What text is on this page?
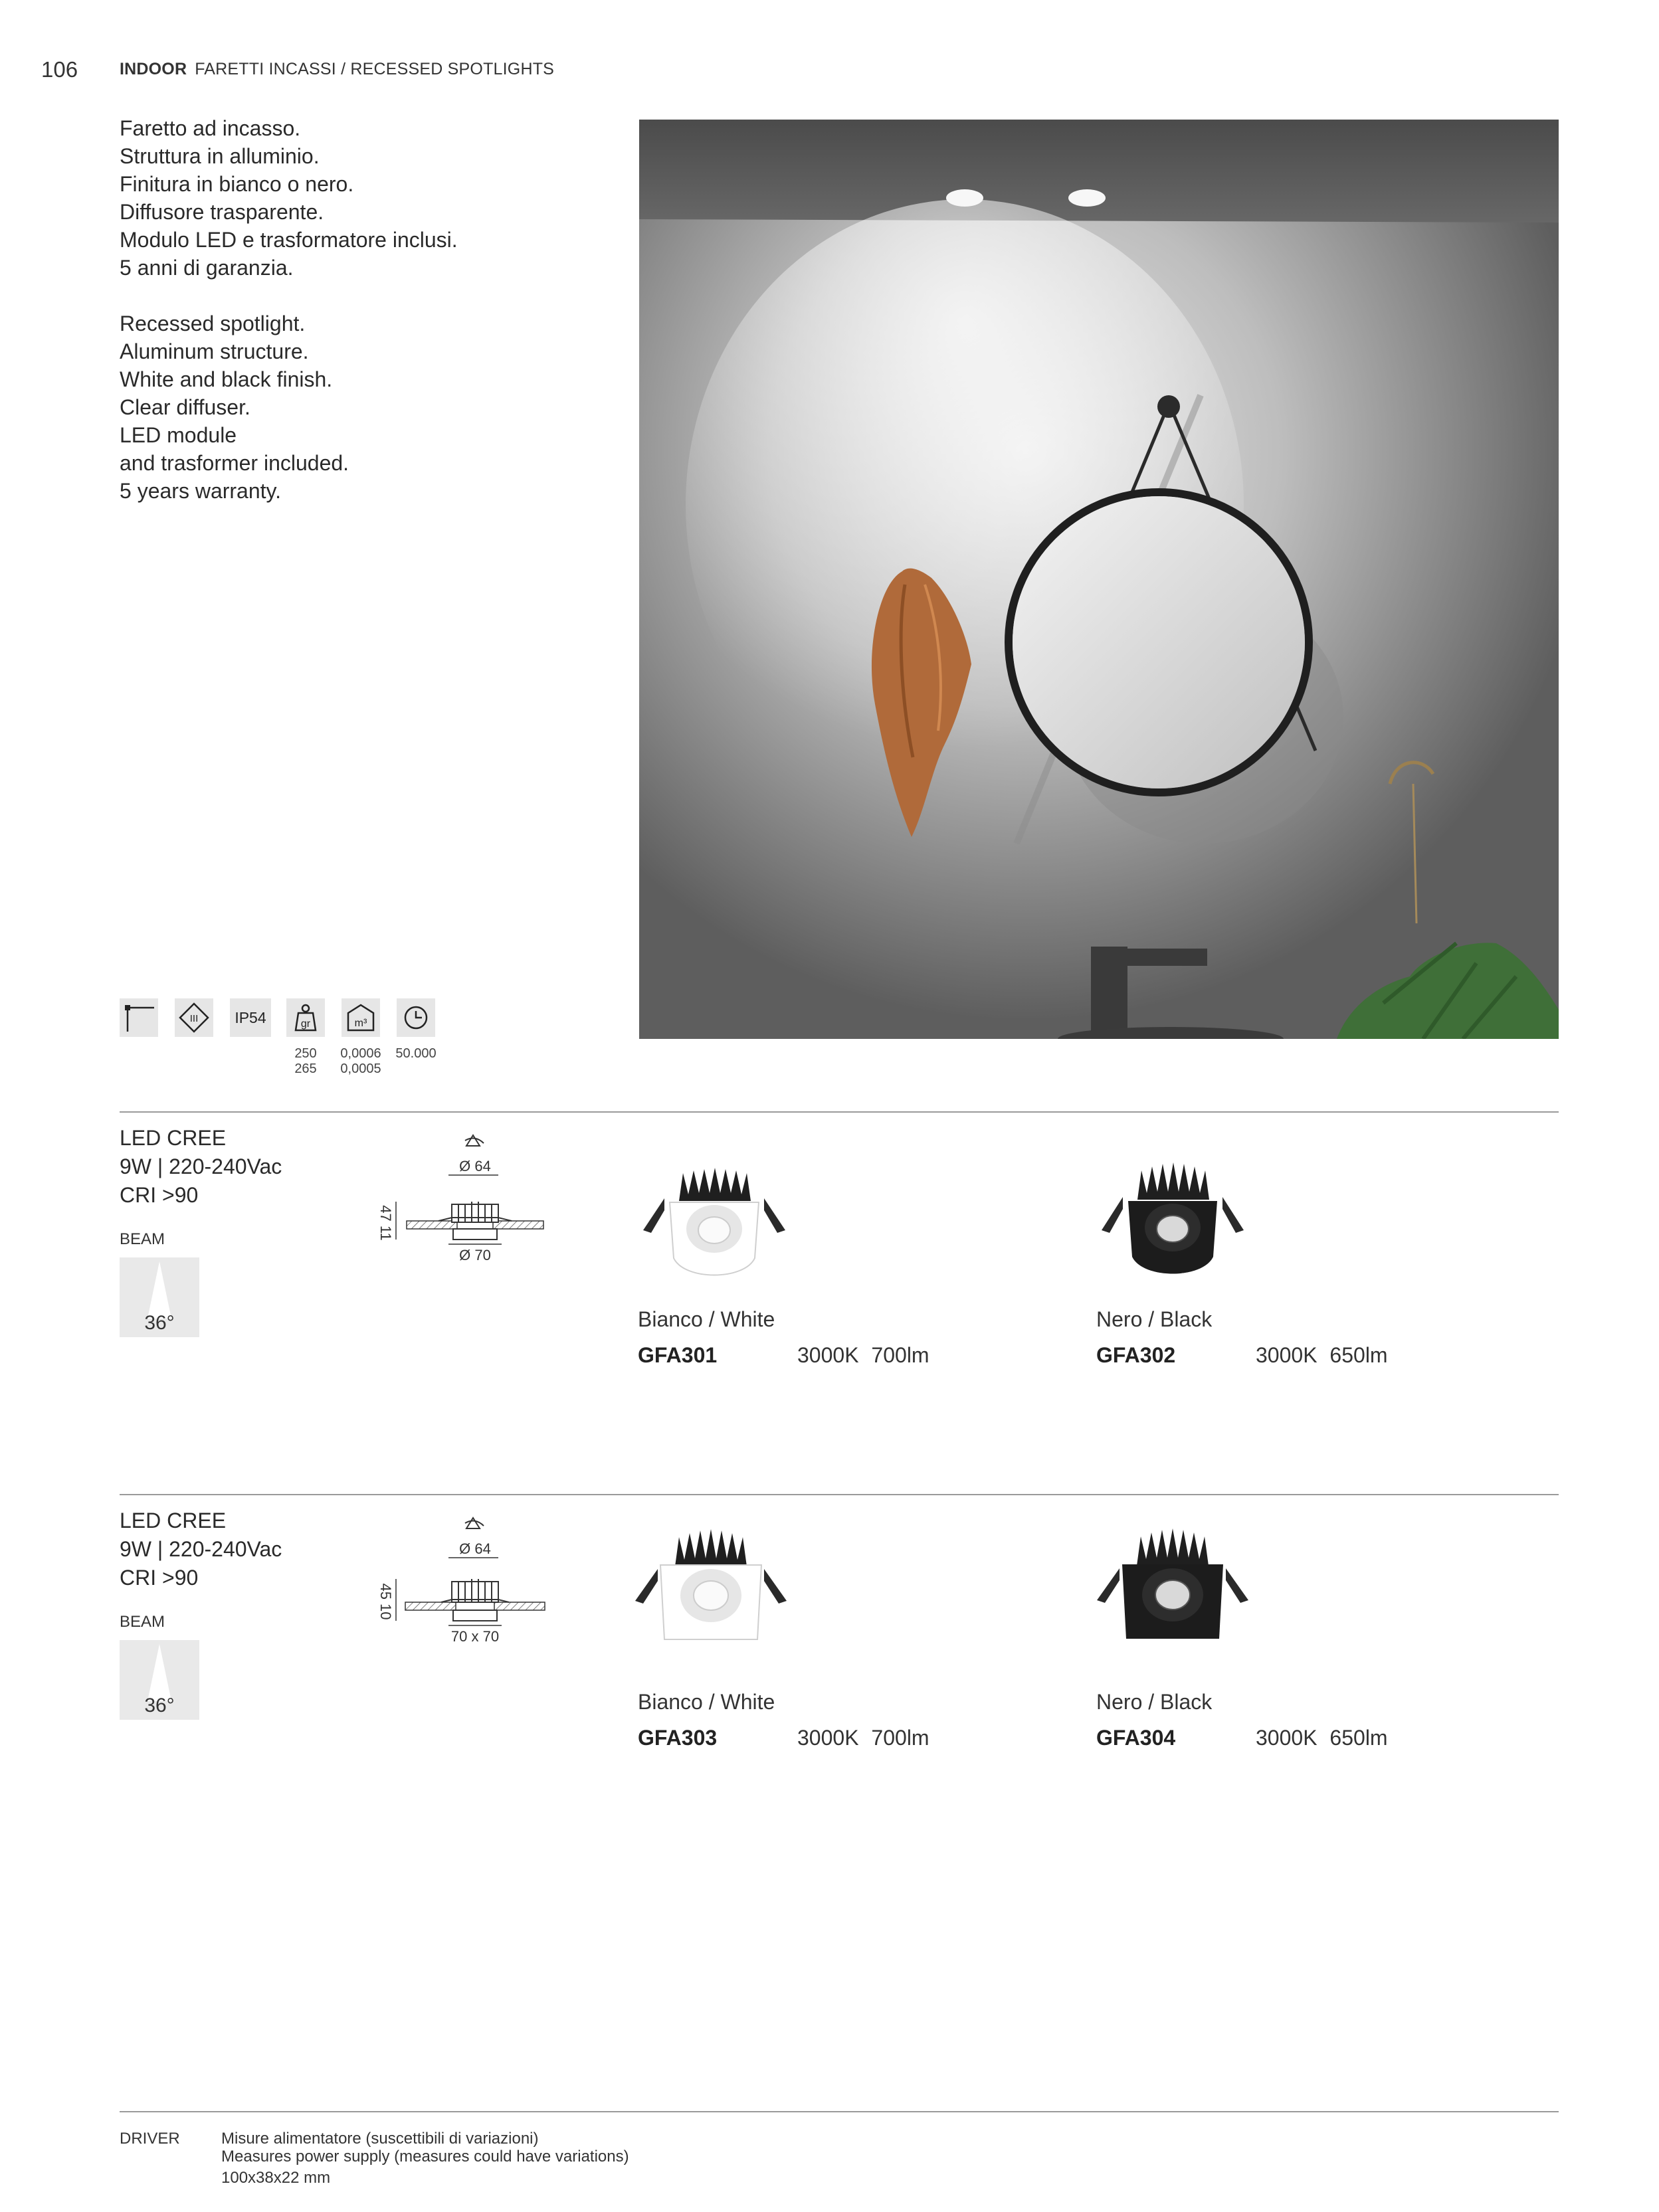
106	INDOOR FARETTI INCASSI / RECESSED SPOTLIGHTS
Faretto ad incasso.
Struttura in alluminio.
Finitura in bianco o nero.
Diffusore trasparente.
Modulo LED e trasformatore inclusi.
5 anni di garanzia.
Recessed spotlight.
Aluminum structure.
White and black finish.
Clear diffuser.
LED module
and trasformer included.
5 years warranty.
III	IP54	gr	m³
250
265
0,0006
0,0005
50.000
LED CREE
9W | 220-240Vac
CRI >90
BEAM
36°
Ø 64
Ø 70
47 11
Bianco / White
GFA301	3000K 700lm
Nero / Black
GFA302	3000K 650lm
LED CREE
9W | 220-240Vac
CRI >90
BEAM
36°
Ø 64
70 x 70
45 10
Bianco / White
GFA303	3000K 700lm
Nero / Black
GFA304	3000K 650lm
DRIVER	Misure alimentatore (suscettibili di variazioni)
Measures power supply (measures could have variations)
100x38x22 mm
